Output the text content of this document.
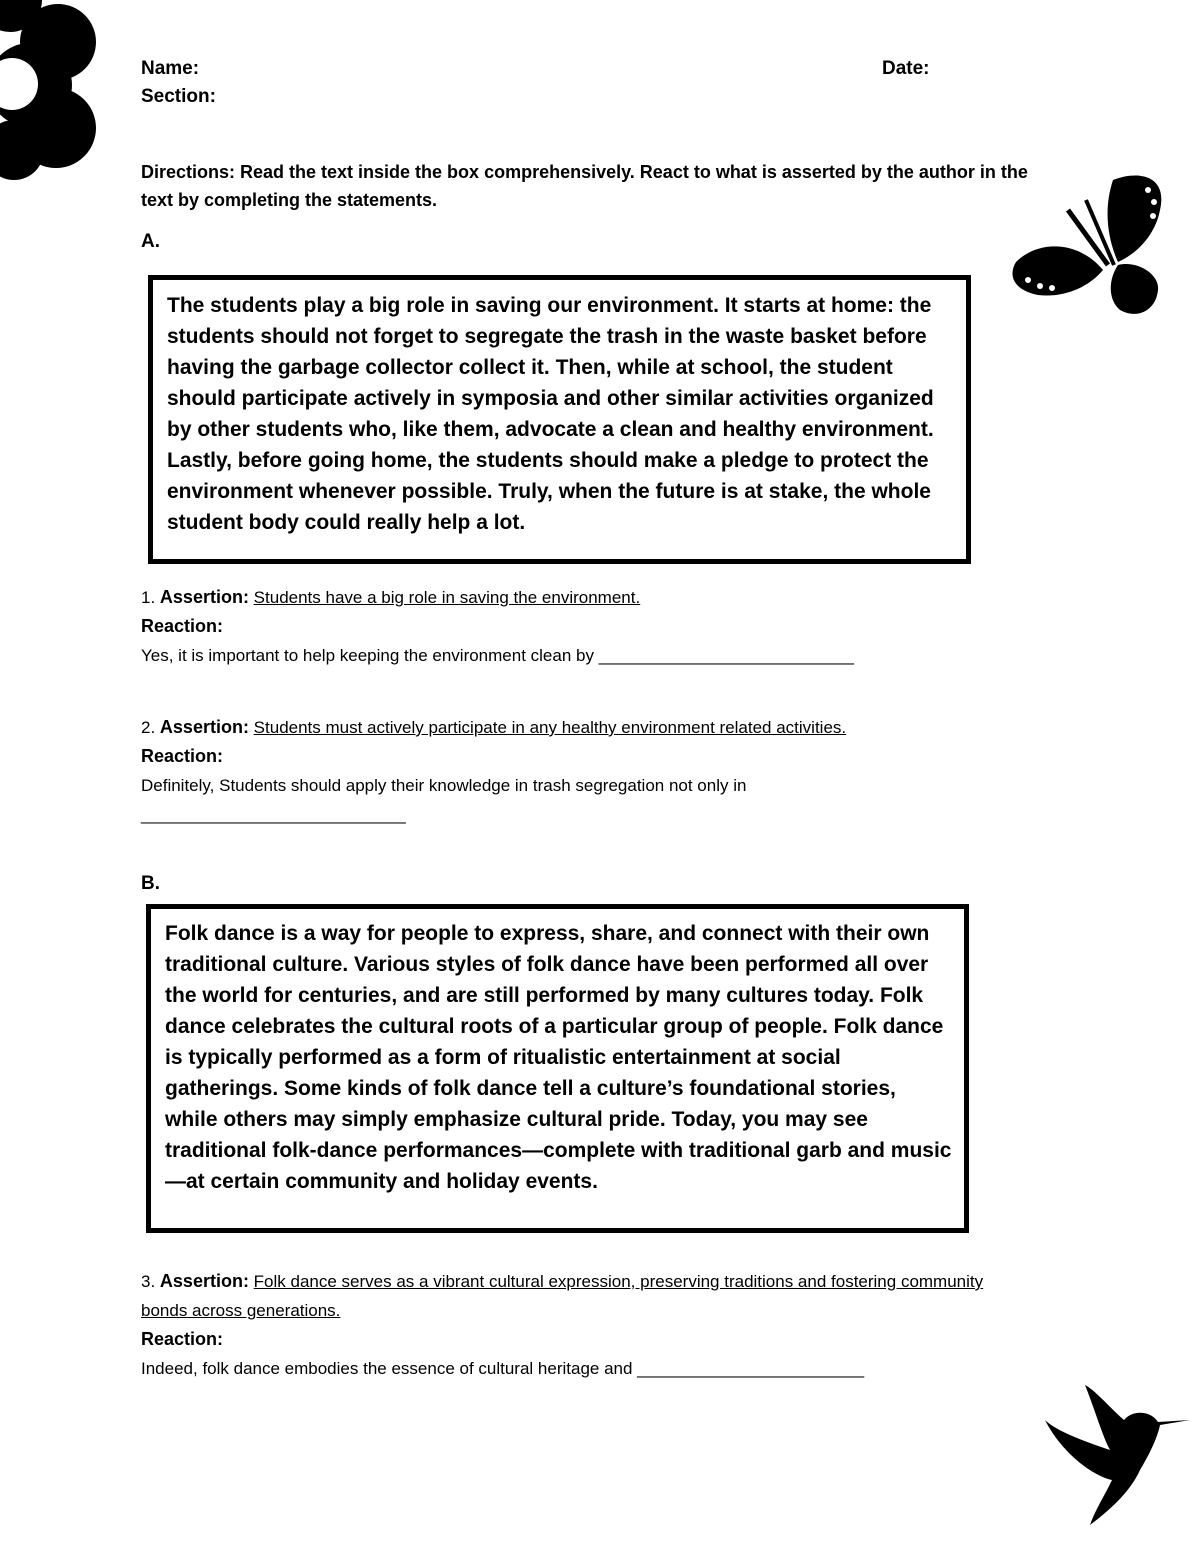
Name:	Date:
Section:
Directions: Read the text inside the box comprehensively. React to what is asserted by the author in the text by completing the statements.
A.
The students play a big role in saving our environment. It starts at home: the students should not forget to segregate the trash in the waste basket before having the garbage collector collect it. Then, while at school, the student should participate actively in symposia and other similar activities organized by other students who, like them, advocate a clean and healthy environment. Lastly, before going home, the students should make a pledge to protect the environment whenever possible. Truly, when the future is at stake, the whole student body could really help a lot.
1. Assertion: Students have a big role in saving the environment.
Reaction:
Yes, it is important to help keeping the environment clean by ___________________________
2. Assertion: Students must actively participate in any healthy environment related activities.
Reaction:
Definitely, Students should apply their knowledge in trash segregation not only in ____________________________
B.
Folk dance is a way for people to express, share, and connect with their own traditional culture. Various styles of folk dance have been performed all over the world for centuries, and are still performed by many cultures today. Folk dance celebrates the cultural roots of a particular group of people. Folk dance is typically performed as a form of ritualistic entertainment at social gatherings. Some kinds of folk dance tell a culture’s foundational stories, while others may simply emphasize cultural pride. Today, you may see traditional folk-dance performances—complete with traditional garb and music—at certain community and holiday events.
3. Assertion: Folk dance serves as a vibrant cultural expression, preserving traditions and fostering community bonds across generations.
Reaction:
Indeed, folk dance embodies the essence of cultural heritage and ________________________
